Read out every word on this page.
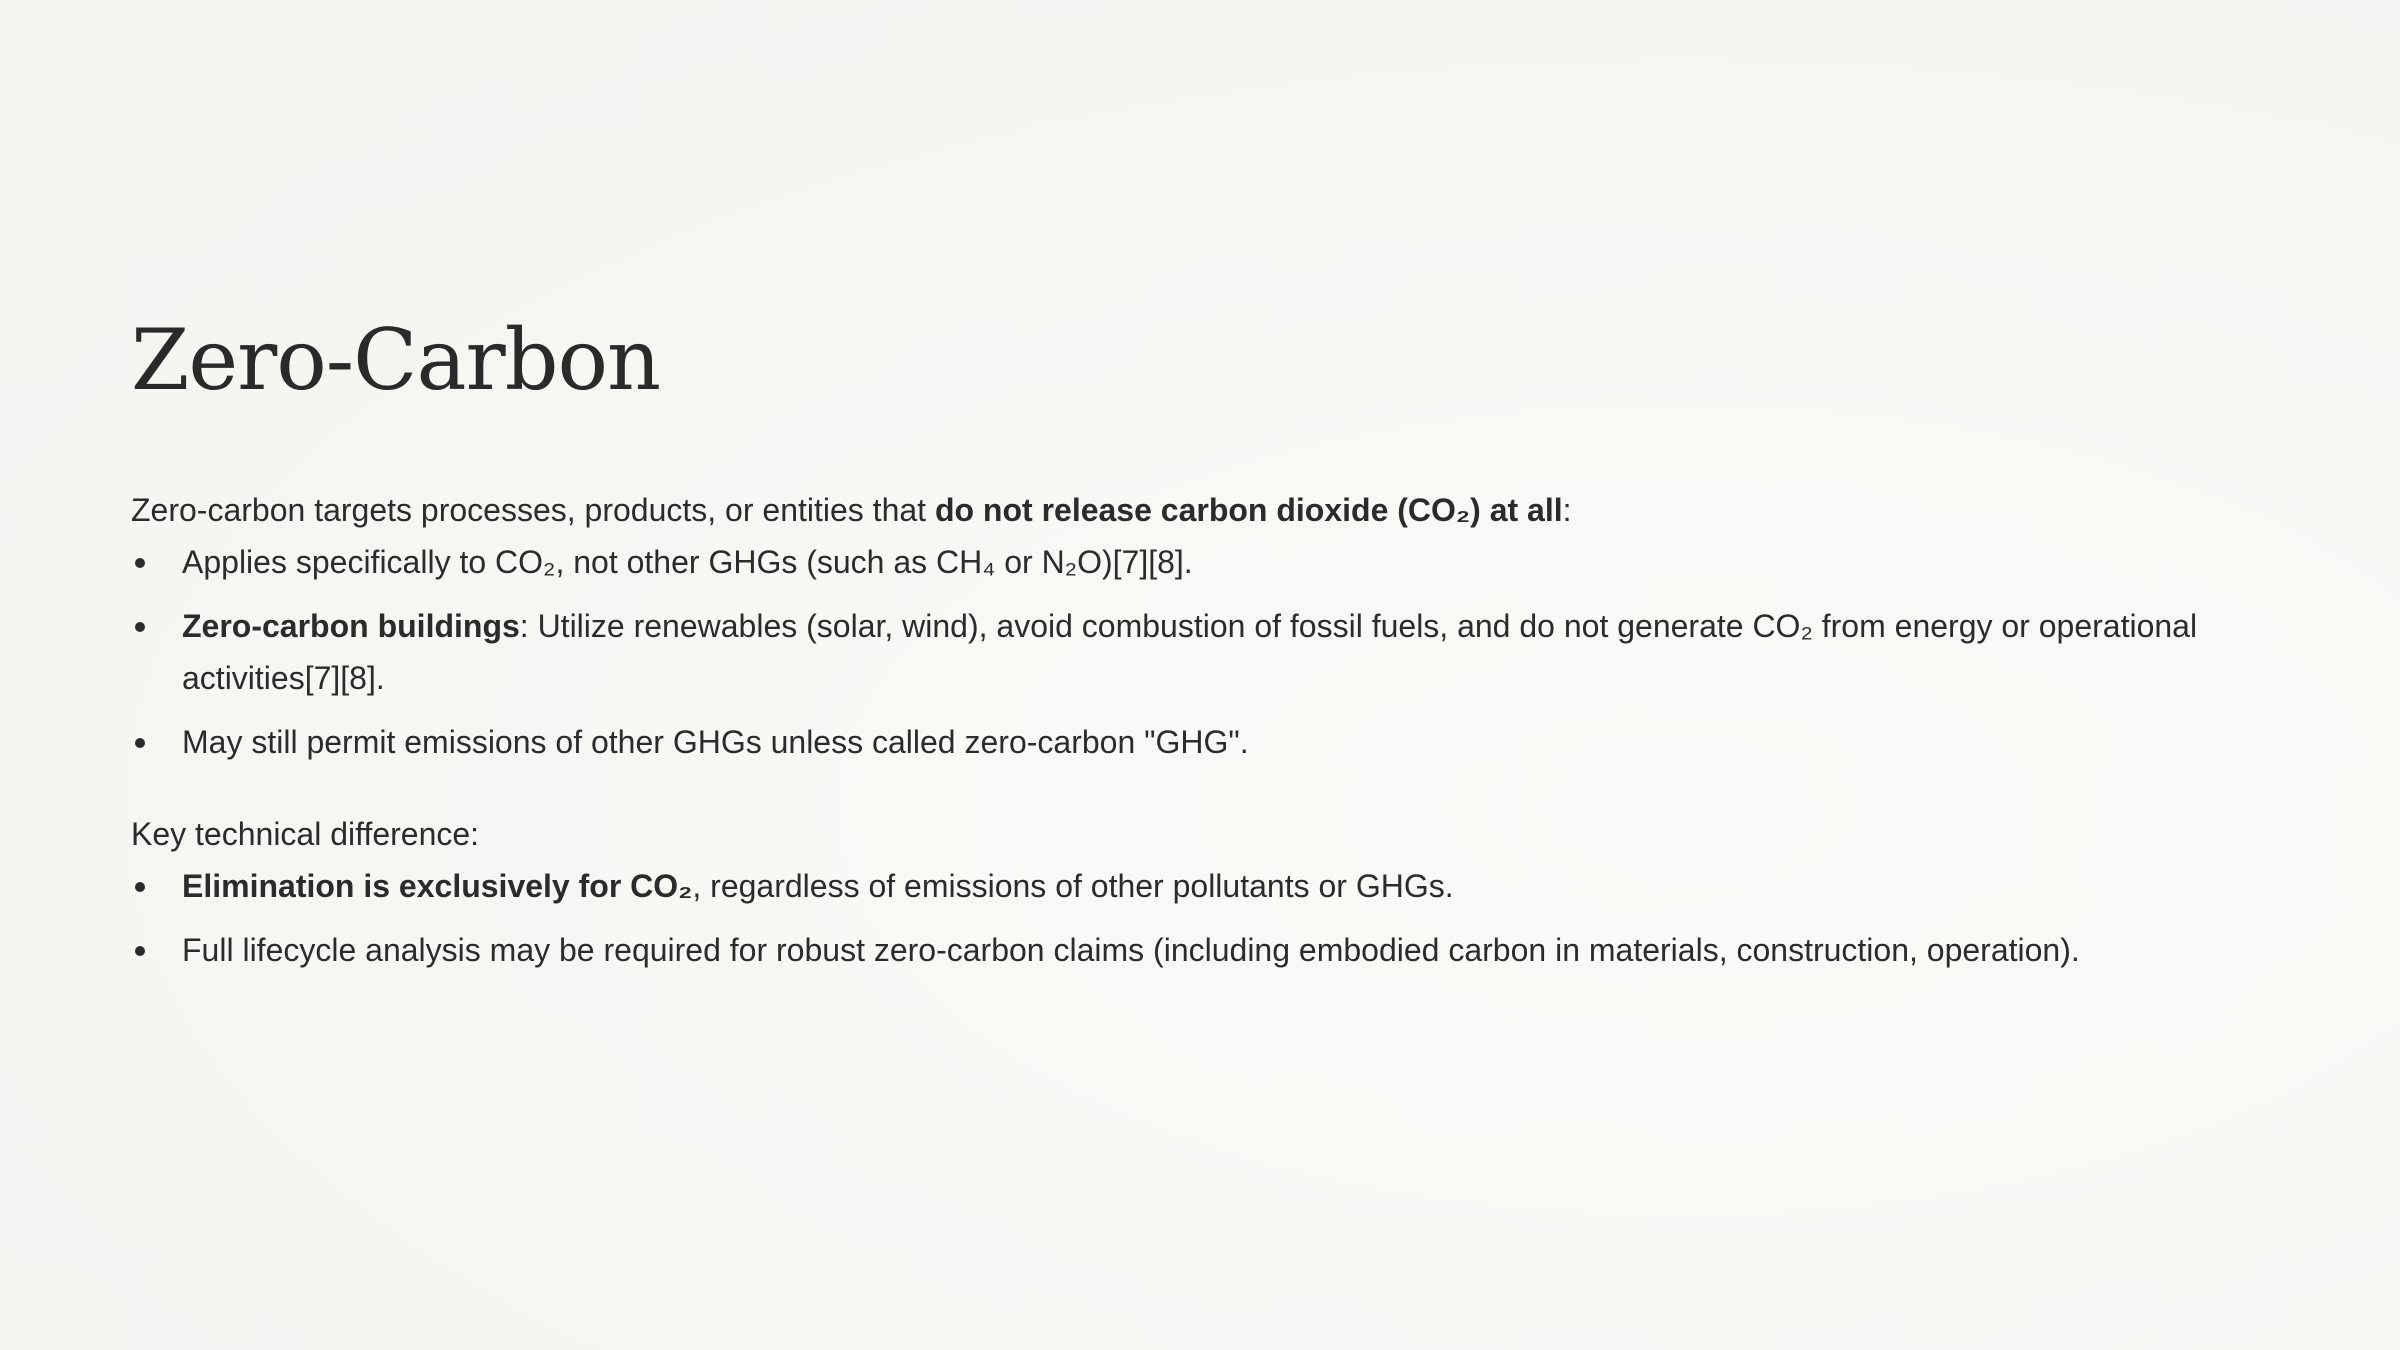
Zero-Carbon

Zero-carbon targets processes, products, or entities that do not release carbon dioxide (CO₂) at all:

Applies specifically to CO₂, not other GHGs (such as CH₄ or N₂O)[7][8].
Zero-carbon buildings: Utilize renewables (solar, wind), avoid combustion of fossil fuels, and do not generate CO₂ from energy or operational activities[7][8].
May still permit emissions of other GHGs unless called zero-carbon "GHG".

Key technical difference:

Elimination is exclusively for CO₂, regardless of emissions of other pollutants or GHGs.
Full lifecycle analysis may be required for robust zero-carbon claims (including embodied carbon in materials, construction, operation).
